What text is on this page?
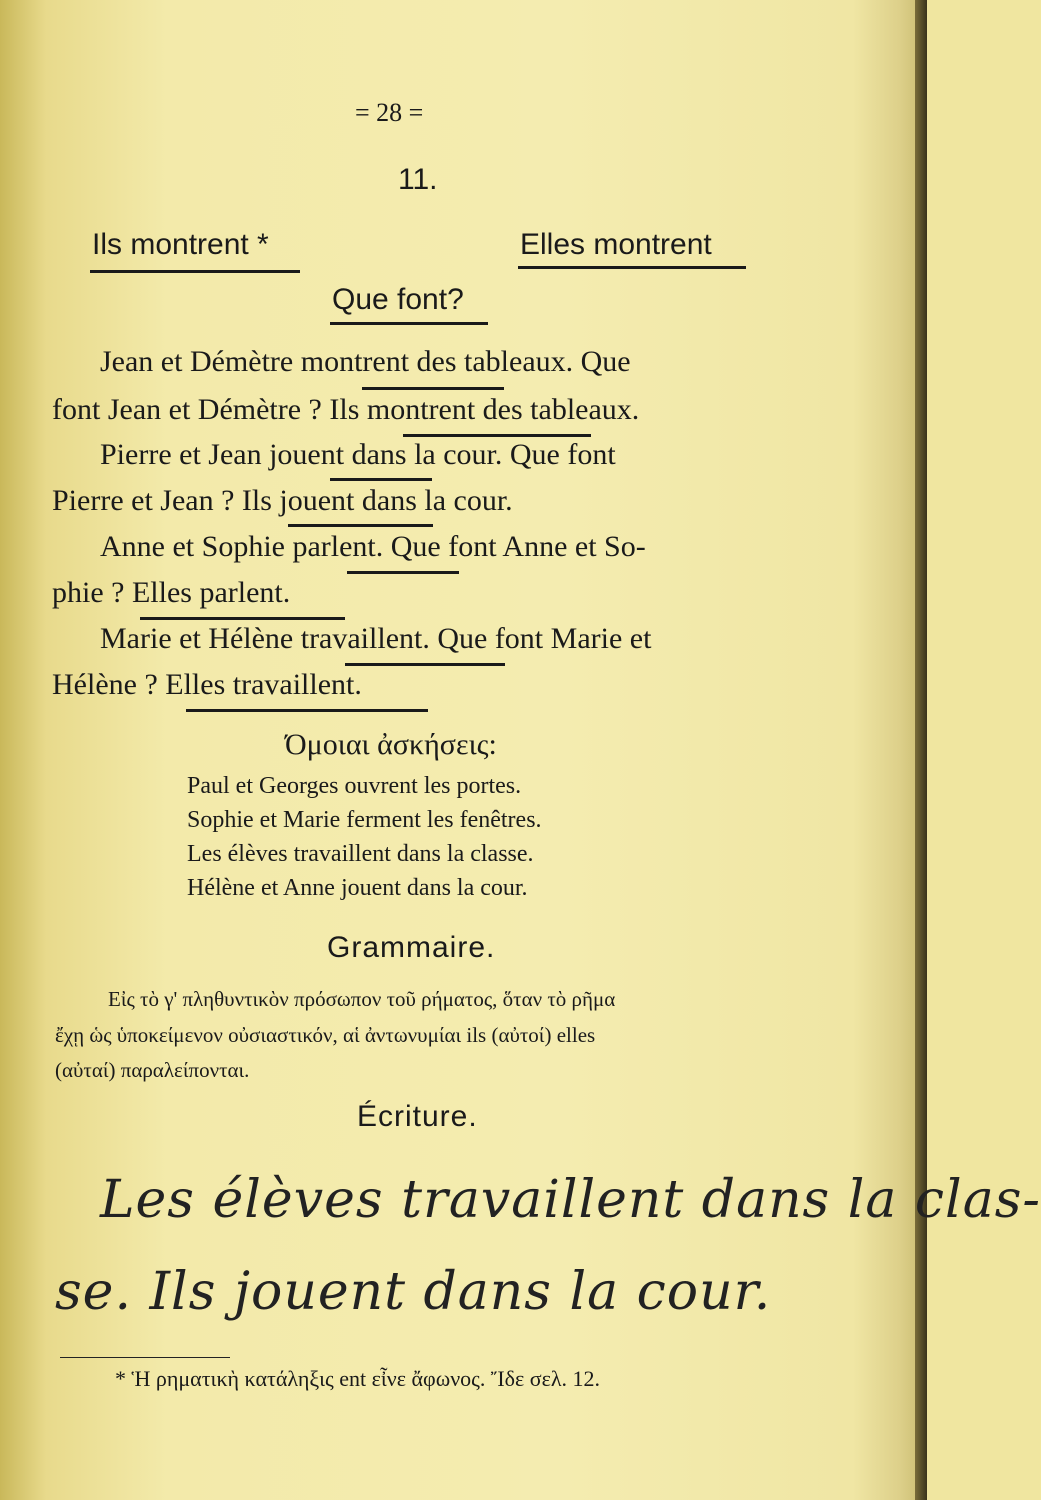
= 28 =
11.
Ils montrent *	Elles montrent
Que font?
Jean et Démètre montrent des tableaux. Que
font Jean et Démètre ? Ils montrent des tableaux.
Pierre et Jean jouent dans la cour. Que font
Pierre et Jean ? Ils jouent dans la cour.
Anne et Sophie parlent. Que font Anne et So-
phie ? Elles parlent.
Marie et Hélène travaillent. Que font Marie et
Hélène ? Elles travaillent.
Όμοιαι ἀσκήσεις:
Paul et Georges ouvrent les portes.
Sophie et Marie ferment les fenêtres.
Les élèves travaillent dans la classe.
Hélène et Anne jouent dans la cour.
Grammaire.
Εἰς τὸ γ' πληθυντικὸν πρόσωπον τοῦ ρήματος, ὅταν τὸ ρῆμα
ἔχῃ ὡς ὑποκείμενον οὐσιαστικόν, αἱ ἀντωνυμίαι ils (αὐτοί) elles
(αὐταί) παραλείπονται.
Écriture.
Les élèves travaillent dans la clas-
se. Ils jouent dans la cour.
* Ἡ ρηματικὴ κατάληξις ent εἶνε ἄφωνος. Ἴδε σελ. 12.
